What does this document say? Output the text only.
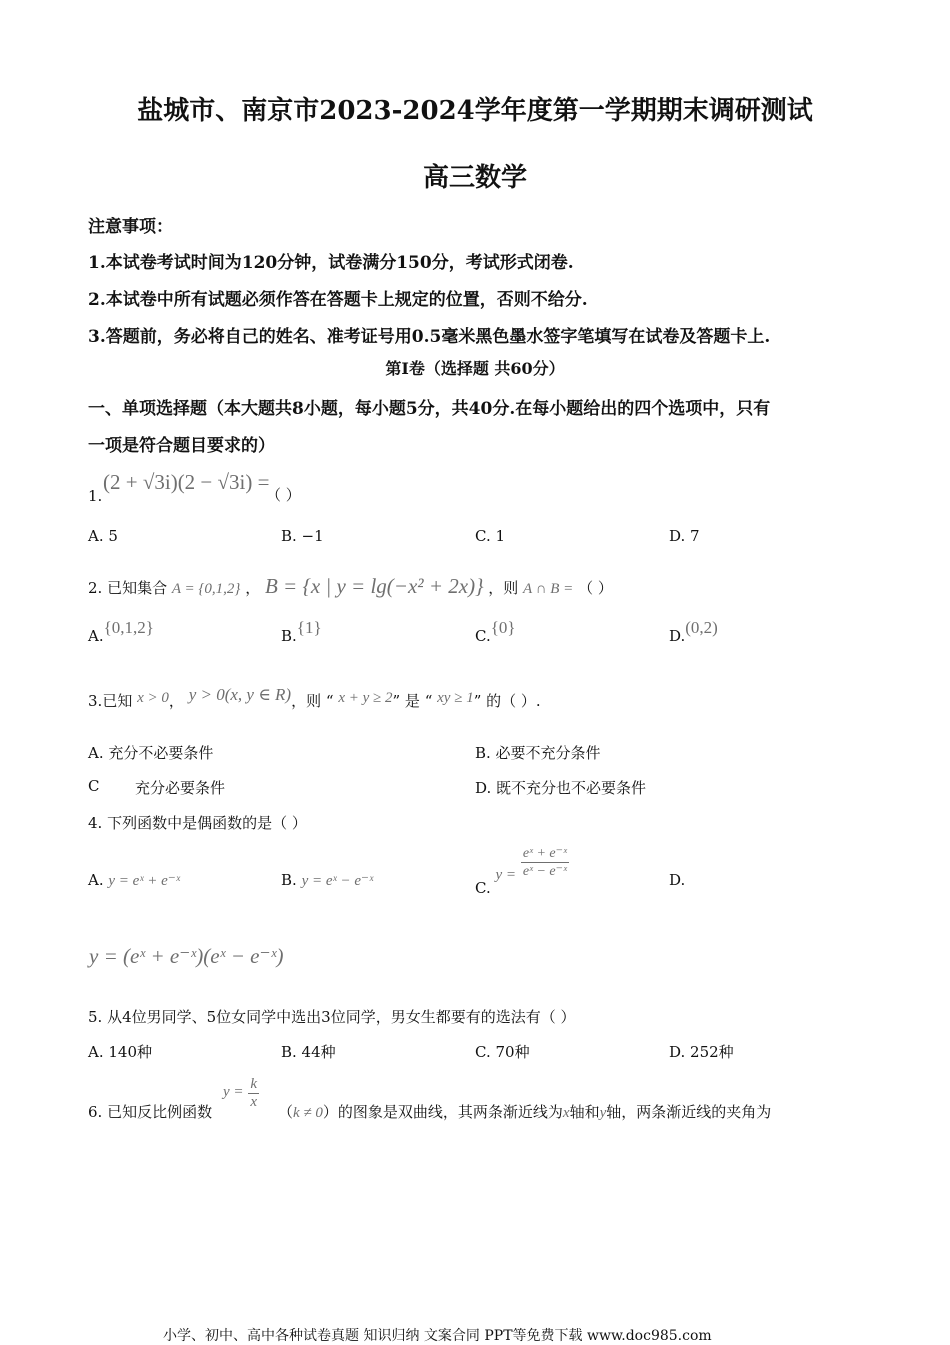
盐城市、南京市2023-2024学年度第一学期期末调研测试
高三数学
注意事项：
1.本试卷考试时间为120分钟，试卷满分150分，考试形式闭卷.
2.本试卷中所有试题必须作答在答题卡上规定的位置，否则不给分.
3.答题前，务必将自己的姓名、准考证号用0.5毫米黑色墨水签字笔填写在试卷及答题卡上.
第Ⅰ卷（选择题 共60分）
一、单项选择题（本大题共8小题，每小题5分，共40分.在每小题给出的四个选项中，只有
一项是符合题目要求的）
1.
(2 + √3i)(2 − √3i) =
（ ）
A. 5	B. −1	C. 1	D. 7
2. 已知集合 A = {0,1,2} ， B = {x | y = lg(−x² + 2x)} ，则 A ∩ B = （ ）
A.{0,1,2}	B.{1}	C.{0}	D.(0,2)
3.已知 x > 0， y > 0(x, y ∈ R)，则 “ x + y ≥ 2” 是 “ xy ≥ 1” 的（ ）.
A. 充分不必要条件	B. 必要不充分条件
C 充分必要条件	D. 既不充分也不必要条件
4. 下列函数中是偶函数的是（ ）
A. y = eˣ + e⁻ˣ	B. y = eˣ − e⁻ˣ	C. $y = \frac{\text{eˣ + e⁻ˣ}}{\text{eˣ − e⁻ˣ}}$	D.
y = (eˣ + e⁻ˣ)(eˣ − e⁻ˣ)
5. 从4位男同学、5位女同学中选出3位同学，男女生都要有的选法有（ ）
A. 140种	B. 44种	C. 70种	D. 252种
6. 已知反比例函数
$y = \frac{k}{x}$
（k ≠ 0）的图象是双曲线，其两条渐近线为x轴和y轴，两条渐近线的夹角为
小学、初中、高中各种试卷真题 知识归纳 文案合同 PPT等免费下载 www.doc985.com
